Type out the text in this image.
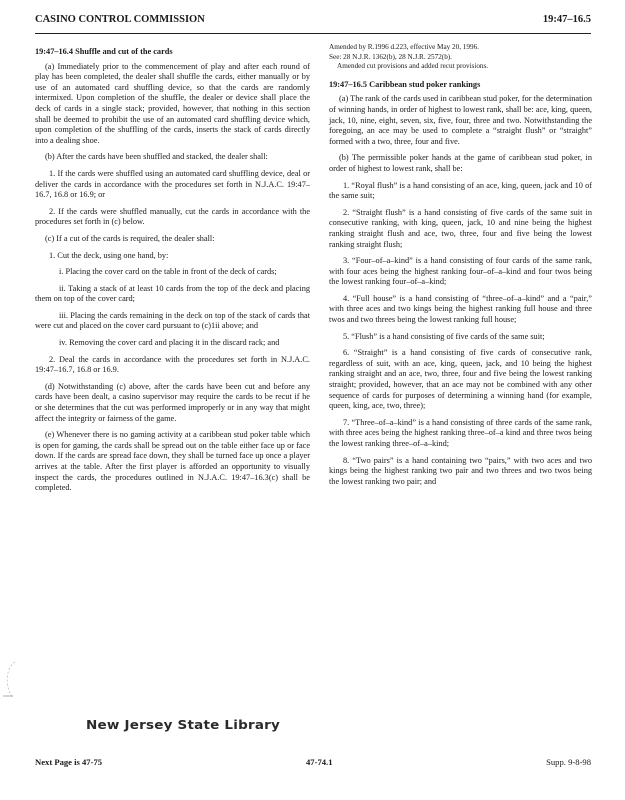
CASINO CONTROL COMMISSION	19:47–16.5

19:47–16.4 Shuffle and cut of the cards

(a) Immediately prior to the commencement of play and after each round of play has been completed, the dealer shall shuffle the cards, either manually or by use of an automated card shuffling device, so that the cards are randomly intermixed. Upon completion of the shuffle, the dealer or device shall place the deck of cards in a single stack; provided, however, that nothing in this section shall be deemed to prohibit the use of an automated card shuffling device which, upon completion of the shuffling of the cards, inserts the stack of cards directly into a dealing shoe.

(b) After the cards have been shuffled and stacked, the dealer shall:

1. If the cards were shuffled using an automated card shuffling device, deal or deliver the cards in accordance with the procedures set forth in N.J.A.C. 19:47–16.7, 16.8 or 16.9; or

2. If the cards were shuffled manually, cut the cards in accordance with the procedures set forth in (c) below.

(c) If a cut of the cards is required, the dealer shall:

1. Cut the deck, using one hand, by:

i. Placing the cover card on the table in front of the deck of cards;

ii. Taking a stack of at least 10 cards from the top of the deck and placing them on top of the cover card;

iii. Placing the cards remaining in the deck on top of the stack of cards that were cut and placed on the cover card pursuant to (c)1ii above; and

iv. Removing the cover card and placing it in the discard rack; and

2. Deal the cards in accordance with the procedures set forth in N.J.A.C. 19:47–16.7, 16.8 or 16.9.

(d) Notwithstanding (c) above, after the cards have been cut and before any cards have been dealt, a casino supervisor may require the cards to be recut if he or she determines that the cut was performed improperly or in any way that might affect the integrity or fairness of the game.

(e) Whenever there is no gaming activity at a caribbean stud poker table which is open for gaming, the cards shall be spread out on the table either face up or face down. If the cards are spread face down, they shall be turned face up once a player arrives at the table. After the first player is afforded an opportunity to visually inspect the cards, the procedures outlined in N.J.A.C. 19:47–16.3(c) shall be completed.

Amended by R.1996 d.223, effective May 20, 1996.

See: 28 N.J.R. 1362(b), 28 N.J.R. 2572(b).

Amended cut provisions and added recut provisions.

19:47–16.5 Caribbean stud poker rankings

(a) The rank of the cards used in caribbean stud poker, for the determination of winning hands, in order of highest to lowest rank, shall be: ace, king, queen, jack, 10, nine, eight, seven, six, five, four, three and two. Notwithstanding the foregoing, an ace may be used to complete a “straight flush” or “straight” formed with a two, three, four and five.

(b) The permissible poker hands at the game of caribbean stud poker, in order of highest to lowest rank, shall be:

1. “Royal flush” is a hand consisting of an ace, king, queen, jack and 10 of the same suit;

2. “Straight flush” is a hand consisting of five cards of the same suit in consecutive ranking, with king, queen, jack, 10 and nine being the highest ranking straight flush and ace, two, three, four and five being the lowest ranking straight flush;

3. “Four–of–a–kind” is a hand consisting of four cards of the same rank, with four aces being the highest ranking four–of–a–kind and four twos being the lowest ranking four–of–a–kind;

4. “Full house” is a hand consisting of “three–of–a–kind” and a “pair,” with three aces and two kings being the highest ranking full house and three twos and two threes being the lowest ranking full house;

5. “Flush” is a hand consisting of five cards of the same suit;

6. “Straight” is a hand consisting of five cards of consecutive rank, regardless of suit, with an ace, king, queen, jack, and 10 being the highest ranking straight and an ace, two, three, four and five being the lowest ranking straight; provided, however, that an ace may not be combined with any other sequence of cards for purposes of determining a winning hand (for example, queen, king, ace, two, three);

7. “Three–of–a–kind” is a hand consisting of three cards of the same rank, with three aces being the highest ranking three–of–a kind and three twos being the lowest ranking three–of–a–kind;

8. “Two pairs” is a hand containing two “pairs,” with two aces and two kings being the highest ranking two pair and two threes and two twos being the lowest ranking two pair; and

New Jersey State Library
Next Page is 47-75	47-74.1	Supp. 9-8-98
